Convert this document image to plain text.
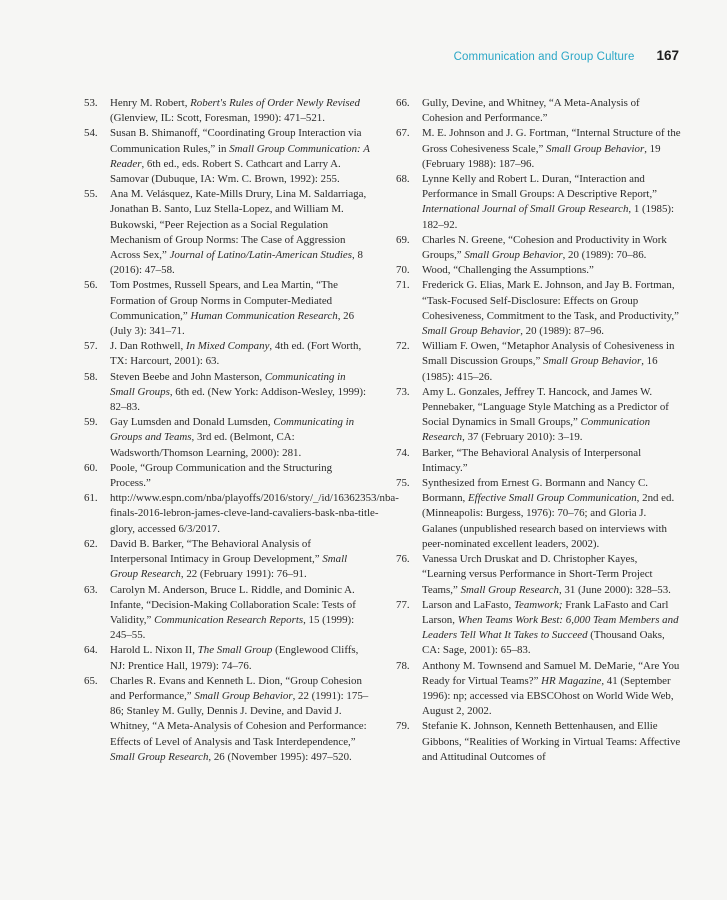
Communication and Group Culture 167
53.	Henry M. Robert, Robert's Rules of Order Newly Revised (Glenview, IL: Scott, Foresman, 1990): 471–521.
54.	Susan B. Shimanoff, “Coordinating Group Interaction via Communication Rules,” in Small Group Communication: A Reader, 6th ed., eds. Robert S. Cathcart and Larry A. Samovar (Dubuque, IA: Wm. C. Brown, 1992): 255.
55.	Ana M. Velásquez, Kate-Mills Drury, Lina M. Saldarriaga, Jonathan B. Santo, Luz Stella-Lopez, and William M. Bukowski, “Peer Rejection as a Social Regulation Mechanism of Group Norms: The Case of Aggression Across Sex,” Journal of Latino/Latin-American Studies, 8 (2016): 47–58.
56.	Tom Postmes, Russell Spears, and Lea Martin, “The Formation of Group Norms in Computer-Mediated Communication,” Human Communication Research, 26 (July 3): 341–71.
57.	J. Dan Rothwell, In Mixed Company, 4th ed. (Fort Worth, TX: Harcourt, 2001): 63.
58.	Steven Beebe and John Masterson, Communicating in Small Groups, 6th ed. (New York: Addison-Wesley, 1999): 82–83.
59.	Gay Lumsden and Donald Lumsden, Communicating in Groups and Teams, 3rd ed. (Belmont, CA: Wadsworth/Thomson Learning, 2000): 281.
60.	Poole, “Group Communication and the Structuring Process.”
61.	http://www.espn.com/nba/playoffs/2016/story/_/id/16362353/nba-finals-2016-lebron-james-cleve-land-cavaliers-bask-nba-title-glory, accessed 6/3/2017.
62.	David B. Barker, “The Behavioral Analysis of Interpersonal Intimacy in Group Development,” Small Group Research, 22 (February 1991): 76–91.
63.	Carolyn M. Anderson, Bruce L. Riddle, and Dominic A. Infante, “Decision-Making Collaboration Scale: Tests of Validity,” Communication Research Reports, 15 (1999): 245–55.
64.	Harold L. Nixon II, The Small Group (Englewood Cliffs, NJ: Prentice Hall, 1979): 74–76.
65.	Charles R. Evans and Kenneth L. Dion, “Group Cohesion and Performance,” Small Group Behavior, 22 (1991): 175–86; Stanley M. Gully, Dennis J. Devine, and David J. Whitney, “A Meta-Analysis of Cohesion and Performance: Effects of Level of Analysis and Task Interdependence,” Small Group Research, 26 (November 1995): 497–520.
66.	Gully, Devine, and Whitney, “A Meta-Analysis of Cohesion and Performance.”
67.	M. E. Johnson and J. G. Fortman, “Internal Structure of the Gross Cohesiveness Scale,” Small Group Behavior, 19 (February 1988): 187–96.
68.	Lynne Kelly and Robert L. Duran, “Interaction and Performance in Small Groups: A Descriptive Report,” International Journal of Small Group Research, 1 (1985): 182–92.
69.	Charles N. Greene, “Cohesion and Productivity in Work Groups,” Small Group Behavior, 20 (1989): 70–86.
70.	Wood, “Challenging the Assumptions.”
71.	Frederick G. Elias, Mark E. Johnson, and Jay B. Fortman, “Task-Focused Self-Disclosure: Effects on Group Cohesiveness, Commitment to the Task, and Productivity,” Small Group Behavior, 20 (1989): 87–96.
72.	William F. Owen, “Metaphor Analysis of Cohesiveness in Small Discussion Groups,” Small Group Behavior, 16 (1985): 415–26.
73.	Amy L. Gonzales, Jeffrey T. Hancock, and James W. Pennebaker, “Language Style Matching as a Predictor of Social Dynamics in Small Groups,” Communication Research, 37 (February 2010): 3–19.
74.	Barker, “The Behavioral Analysis of Interpersonal Intimacy.”
75.	Synthesized from Ernest G. Bormann and Nancy C. Bormann, Effective Small Group Communication, 2nd ed. (Minneapolis: Burgess, 1976): 70–76; and Gloria J. Galanes (unpublished research based on interviews with peer-nominated excellent leaders, 2002).
76.	Vanessa Urch Druskat and D. Christopher Kayes, “Learning versus Performance in Short-Term Project Teams,” Small Group Research, 31 (June 2000): 328–53.
77.	Larson and LaFasto, Teamwork; Frank LaFasto and Carl Larson, When Teams Work Best: 6,000 Team Members and Leaders Tell What It Takes to Succeed (Thousand Oaks, CA: Sage, 2001): 65–83.
78.	Anthony M. Townsend and Samuel M. DeMarie, “Are You Ready for Virtual Teams?” HR Magazine, 41 (September 1996): np; accessed via EBSCOhost on World Wide Web, August 2, 2002.
79.	Stefanie K. Johnson, Kenneth Bettenhausen, and Ellie Gibbons, “Realities of Working in Virtual Teams: Affective and Attitudinal Outcomes of
